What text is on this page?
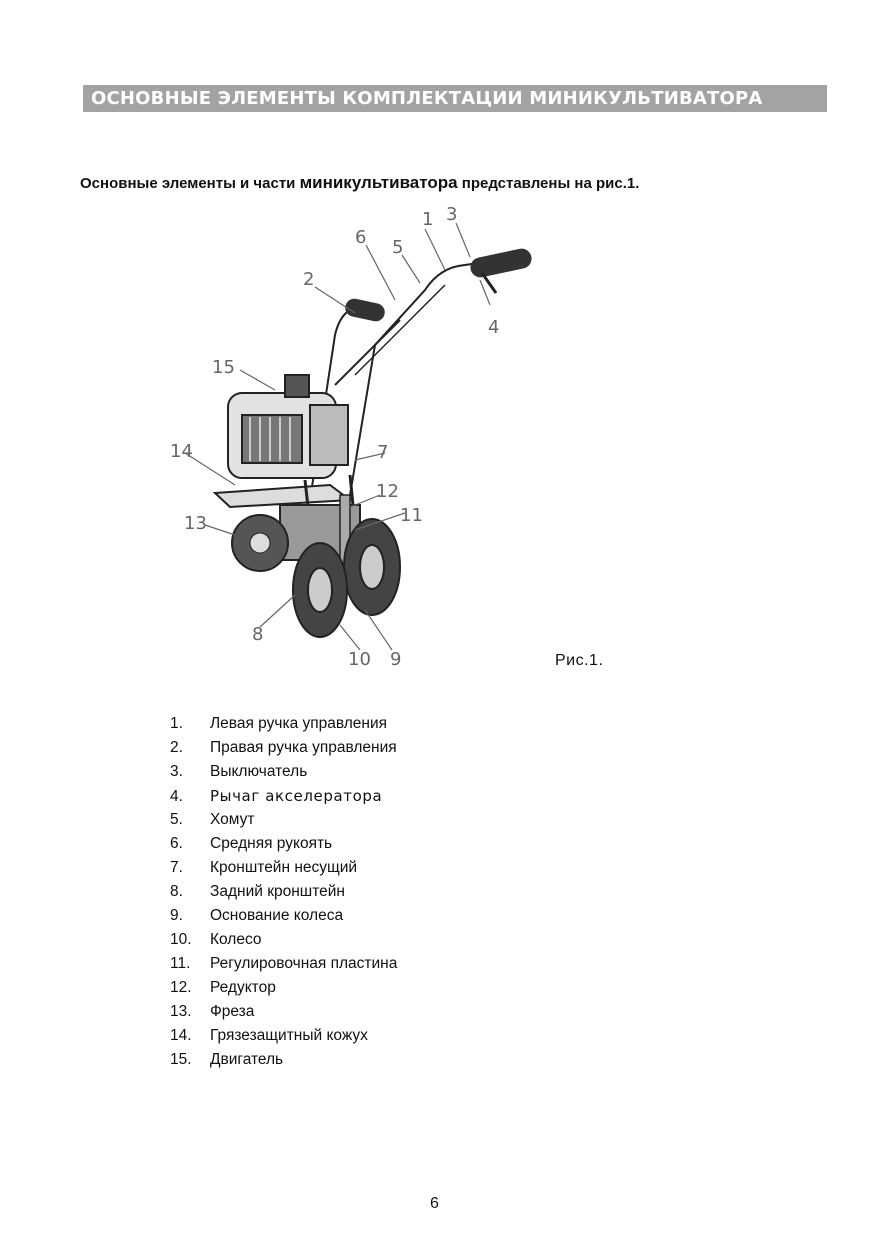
ОСНОВНЫЕ ЭЛЕМЕНТЫ КОМПЛЕКТАЦИИ МИНИКУЛЬТИВАТОРА
Основные элементы и части миникультиватора представлены на рис.1.
1
2
3
4
5
6
7
8
9
10
11
12
13
14
15
Рис.1.
1. Левая ручка управления
2. Правая ручка управления
3. Выключатель
4. Рычаг акселератора
5. Хомут
6. Средняя рукоять
7. Кронштейн несущий
8. Задний кронштейн
9. Основание колеса
10. Колесо
11. Регулировочная пластина
12. Редуктор
13. Фреза
14. Грязезащитный кожух
15. Двигатель
6
